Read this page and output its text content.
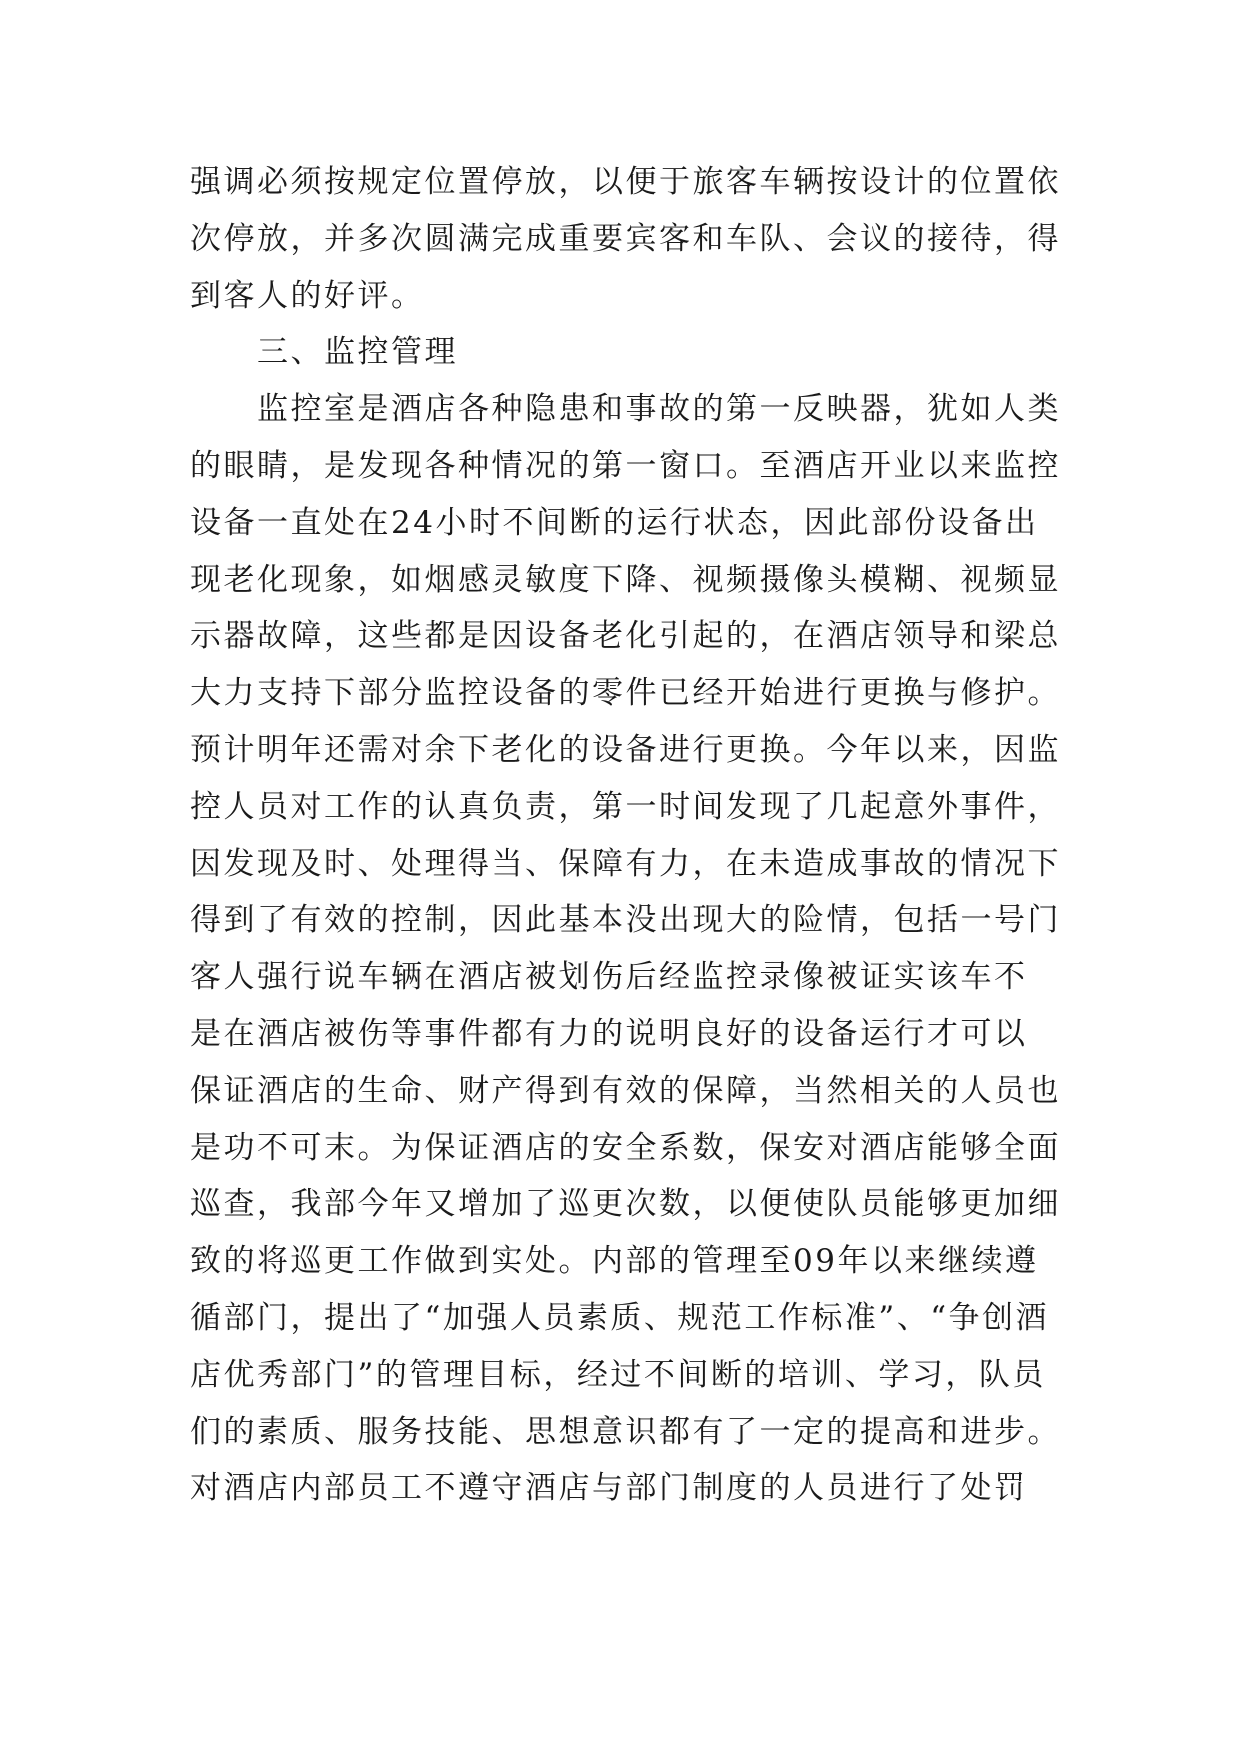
强调必须按规定位置停放，以便于旅客车辆按设计的位置依
次停放，并多次圆满完成重要宾客和车队、会议的接待，得
到客人的好评。
　　三、监控管理
　　监控室是酒店各种隐患和事故的第一反映器，犹如人类
的眼睛，是发现各种情况的第一窗口。至酒店开业以来监控
设备一直处在24小时不间断的运行状态，因此部份设备出
现老化现象，如烟感灵敏度下降、视频摄像头模糊、视频显
示器故障，这些都是因设备老化引起的，在酒店领导和梁总
大力支持下部分监控设备的零件已经开始进行更换与修护。
预计明年还需对余下老化的设备进行更换。今年以来，因监
控人员对工作的认真负责，第一时间发现了几起意外事件，
因发现及时、处理得当、保障有力，在未造成事故的情况下
得到了有效的控制，因此基本没出现大的险情，包括一号门
客人强行说车辆在酒店被划伤后经监控录像被证实该车不
是在酒店被伤等事件都有力的说明良好的设备运行才可以
保证酒店的生命、财产得到有效的保障，当然相关的人员也
是功不可末。为保证酒店的安全系数，保安对酒店能够全面
巡查，我部今年又增加了巡更次数，以便使队员能够更加细
致的将巡更工作做到实处。内部的管理至09年以来继续遵
循部门，提出了“加强人员素质、规范工作标准”、“争创酒
店优秀部门”的管理目标，经过不间断的培训、学习，队员
们的素质、服务技能、思想意识都有了一定的提高和进步。
对酒店内部员工不遵守酒店与部门制度的人员进行了处罚
